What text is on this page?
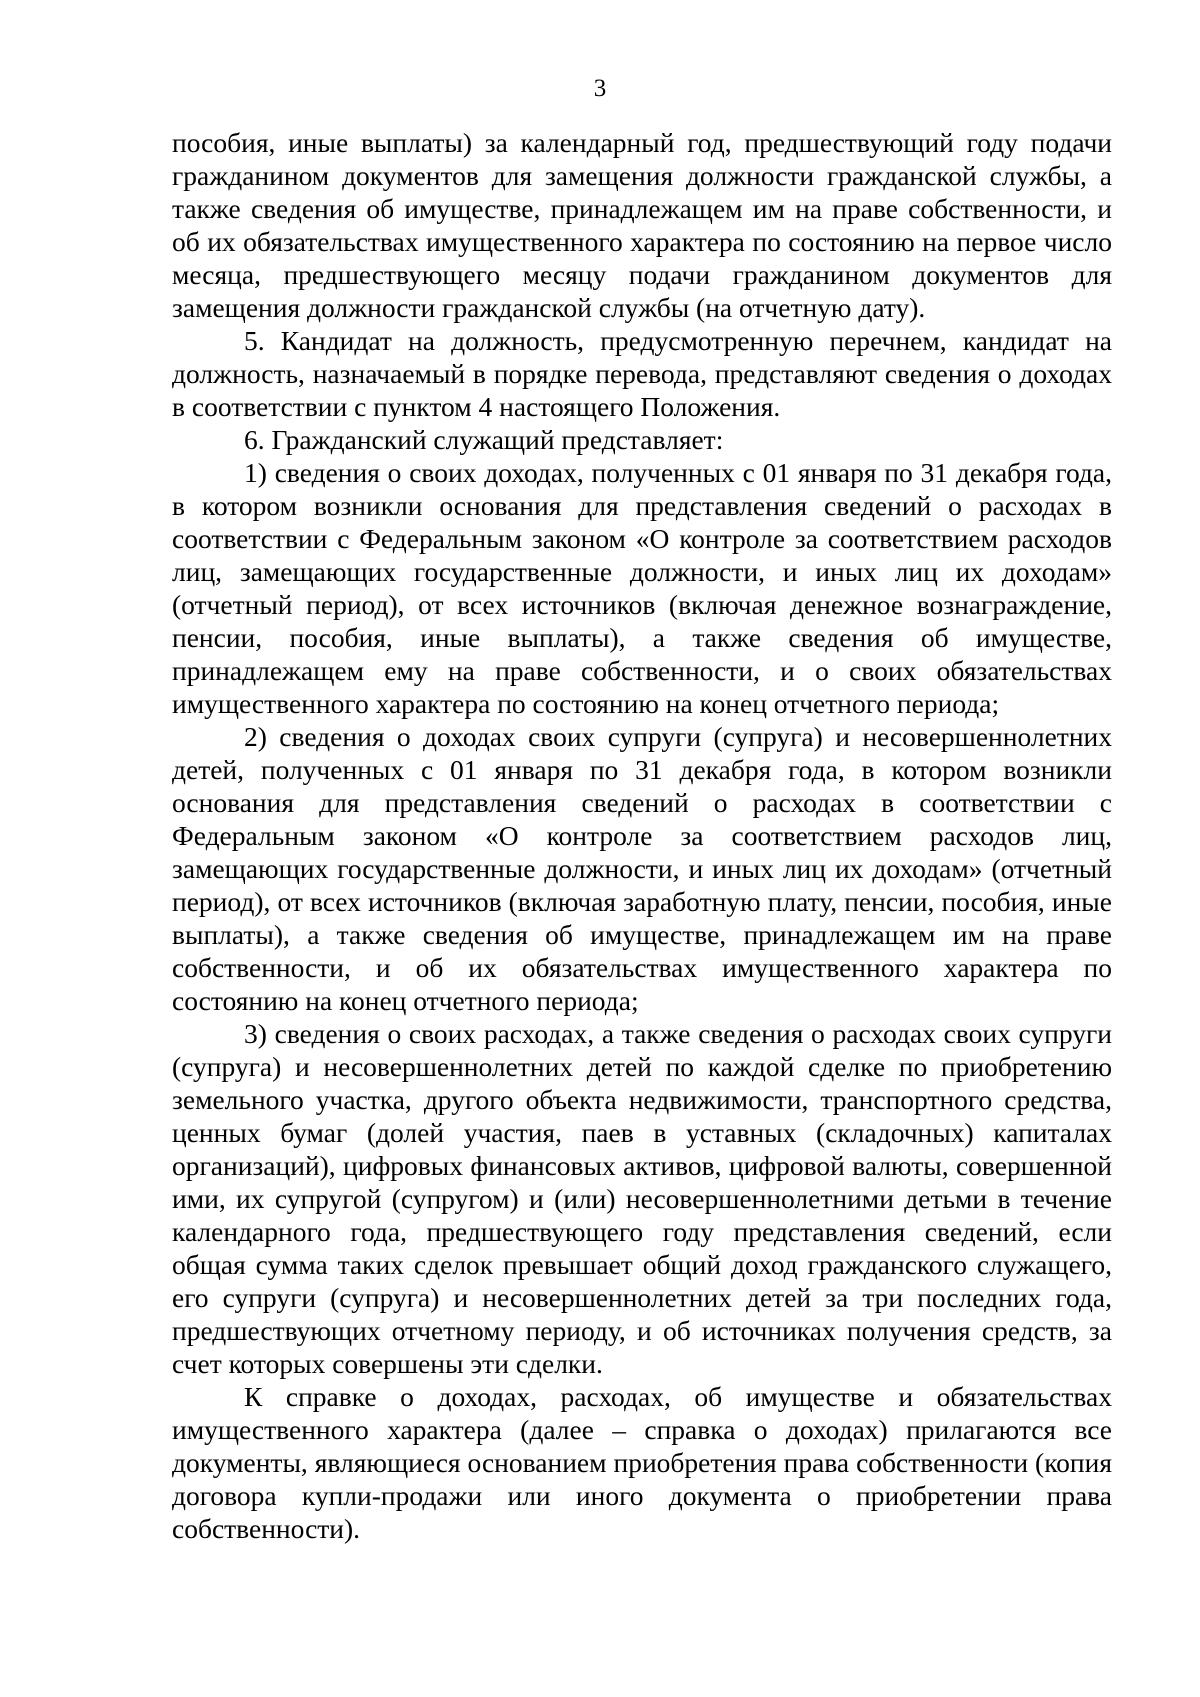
3

пособия, иные выплаты) за календарный год, предшествующий году подачи гражданином документов для замещения должности гражданской службы, а также сведения об имуществе, принадлежащем им на праве собственности, и об их обязательствах имущественного характера по состоянию на первое число месяца, предшествующего месяцу подачи гражданином документов для замещения должности гражданской службы (на отчетную дату).

5. Кандидат на должность, предусмотренную перечнем, кандидат на должность, назначаемый в порядке перевода, представляют сведения о доходах в соответствии с пунктом 4 настоящего Положения.

6. Гражданский служащий представляет:

1) сведения о своих доходах, полученных с 01 января по 31 декабря года, в котором возникли основания для представления сведений о расходах в соответствии с Федеральным законом «О контроле за соответствием расходов лиц, замещающих государственные должности, и иных лиц их доходам» (отчетный период), от всех источников (включая денежное вознаграждение, пенсии, пособия, иные выплаты), а также сведения об имуществе, принадлежащем ему на праве собственности, и о своих обязательствах имущественного характера по состоянию на конец отчетного периода;

2) сведения о доходах своих супруги (супруга) и несовершеннолетних детей, полученных с 01 января по 31 декабря года, в котором возникли основания для представления сведений о расходах в соответствии с Федеральным законом «О контроле за соответствием расходов лиц, замещающих государственные должности, и иных лиц их доходам» (отчетный период), от всех источников (включая заработную плату, пенсии, пособия, иные выплаты), а также сведения об имуществе, принадлежащем им на праве собственности, и об их обязательствах имущественного характера по состоянию на конец отчетного периода;

3) сведения о своих расходах, а также сведения о расходах своих супруги (супруга) и несовершеннолетних детей по каждой сделке по приобретению земельного участка, другого объекта недвижимости, транспортного средства, ценных бумаг (долей участия, паев в уставных (складочных) капиталах организаций), цифровых финансовых активов, цифровой валюты, совершенной ими, их супругой (супругом) и (или) несовершеннолетними детьми в течение календарного года, предшествующего году представления сведений, если общая сумма таких сделок превышает общий доход гражданского служащего, его супруги (супруга) и несовершеннолетних детей за три последних года, предшествующих отчетному периоду, и об источниках получения средств, за счет которых совершены эти сделки.

К справке о доходах, расходах, об имуществе и обязательствах имущественного характера (далее – справка о доходах) прилагаются все документы, являющиеся основанием приобретения права собственности (копия договора купли-продажи или иного документа о приобретении права собственности).
